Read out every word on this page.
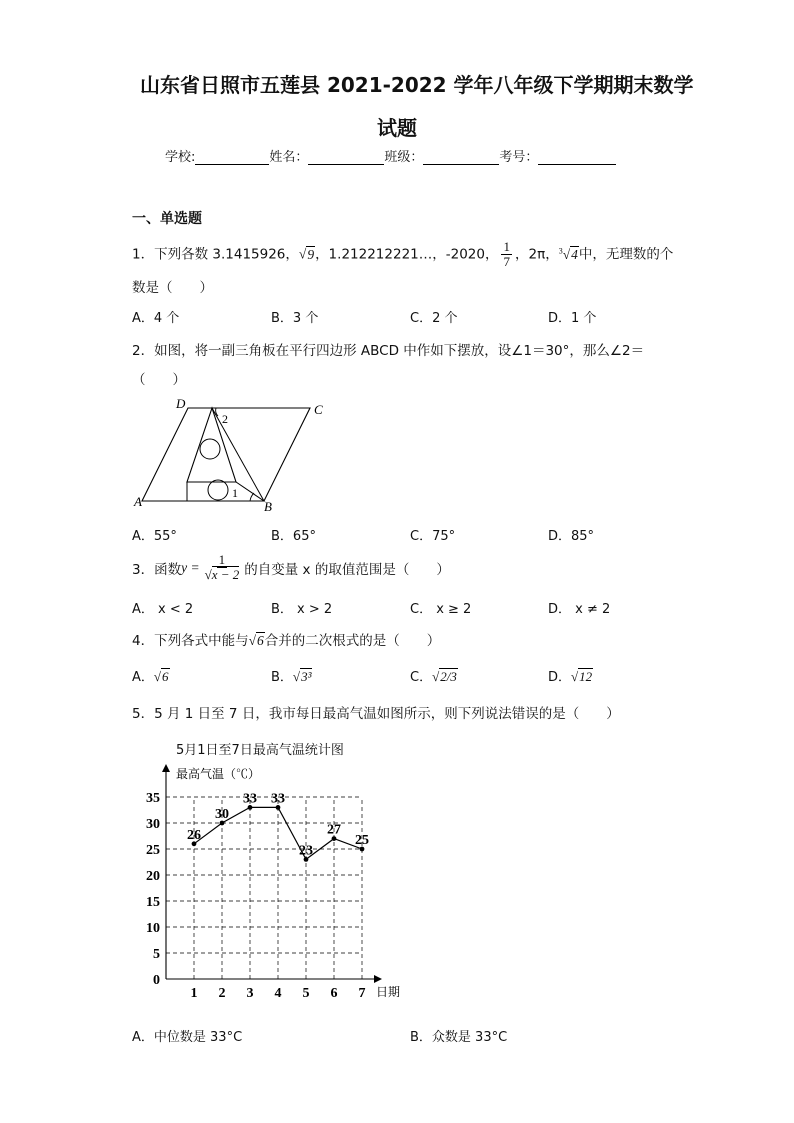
山东省日照市五莲县 2021-2022 学年八年级下学期期末数学
试题
学校:	姓名：	班级：	考号：
一、单选题
1．下列各数 3.1415926，√9，1.212212221…，-2020， $\frac{1}{7}$ ，2π，$^3$√4中，无理数的个
数是（　　）
A．4 个	B．3 个	C．2 个	D．1 个
2．如图，将一副三角板在平行四边形 ABCD 中作如下摆放，设∠1＝30°，那么∠2＝
（　　）
D	C
A	B
1
2
A．55°	B．65°	C．75°	D．85°
3．函数 $y = \frac{1}{√x - 2}$ 的自变量 x 的取值范围是（　　）
A． x < 2	B． x > 2	C． x ≥ 2	D． x ≠ 2
4．下列各式中能与√6合并的二次根式的是（　　）
A．√6	B．√3³	C．√2/3	D．√12
5．5 月 1 日至 7 日，我市每日最高气温如图所示，则下列说法错误的是（　　）
5月1日至7日最高气温统计图
最高气温（℃）
日期
0
5
10
15
20
25
30
35
1 2 3 4 5 6 7
26
30
33 33
23
27
25
A．中位数是 33°C	B．众数是 33°C
